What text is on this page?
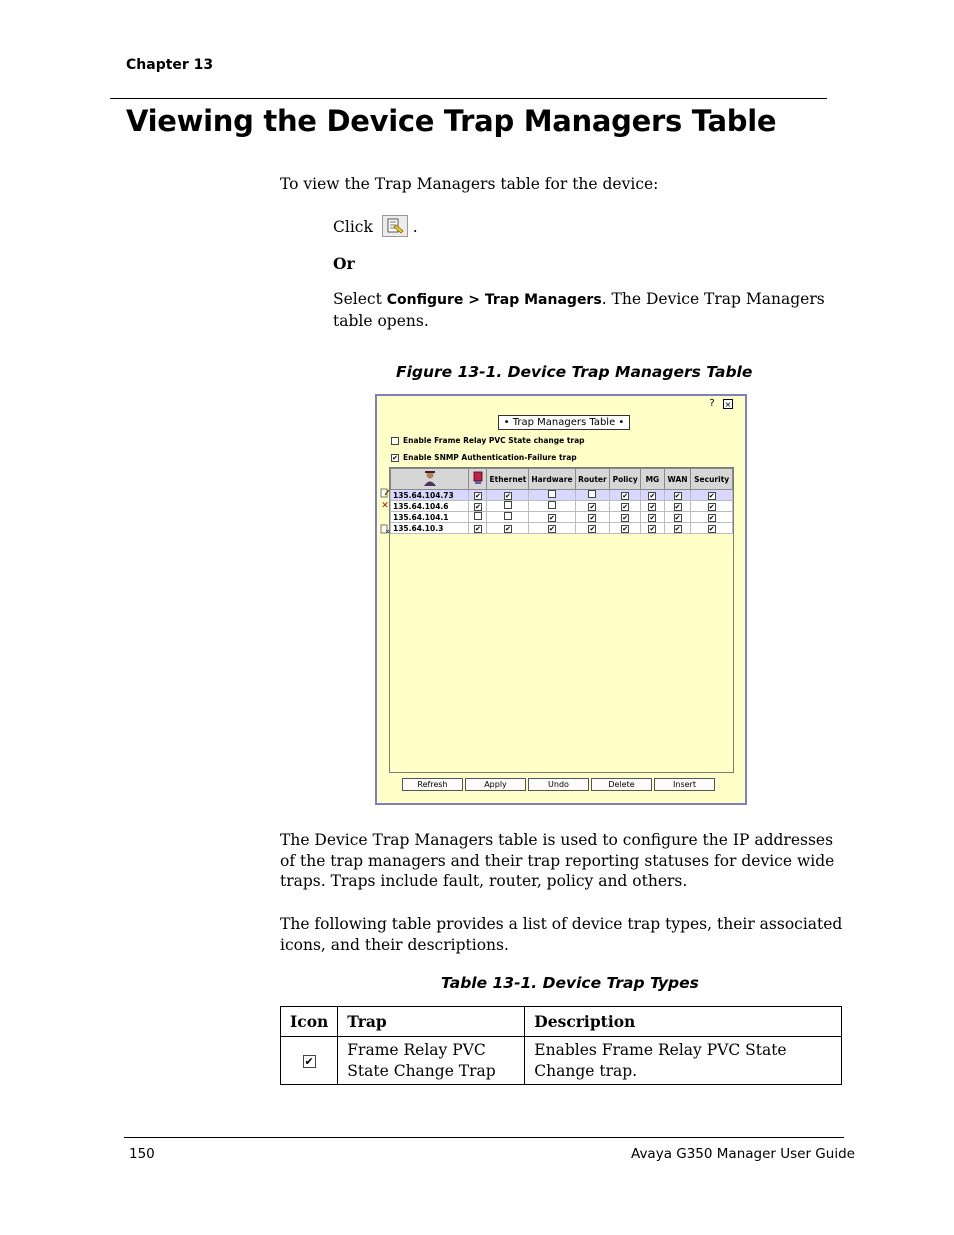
Chapter 13
Viewing the Device Trap Managers Table
To view the Trap Managers table for the device:
Click	.
Or
Select Configure > Trap Managers. The Device Trap Managers table opens.
Figure 13-1. Device Trap Managers Table
? ×
• Trap Managers Table •
Enable Frame Relay PVC State change trap
✔ Enable SNMP Authentication-Failure trap
		Ethernet	Hardware	Router	Policy	MG	WAN	Security
135.64.104.73	✔	✔			✔	✔	✔	✔
135.64.104.6	✔			✔	✔	✔	✔	✔
135.64.104.1			✔	✔	✔	✔	✔	✔
135.64.10.3	✔	✔	✔	✔	✔	✔	✔	✔
✕
Refresh	Apply	Undo	Delete	Insert
The Device Trap Managers table is used to configure the IP addresses of the trap managers and their trap reporting statuses for device wide traps. Traps include fault, router, policy and others.
The following table provides a list of device trap types, their associated icons, and their descriptions.
Table 13-1. Device Trap Types
Icon	Trap	Description
✔	Frame Relay PVC State Change Trap	Enables Frame Relay PVC State Change trap.
150	Avaya G350 Manager User Guide
